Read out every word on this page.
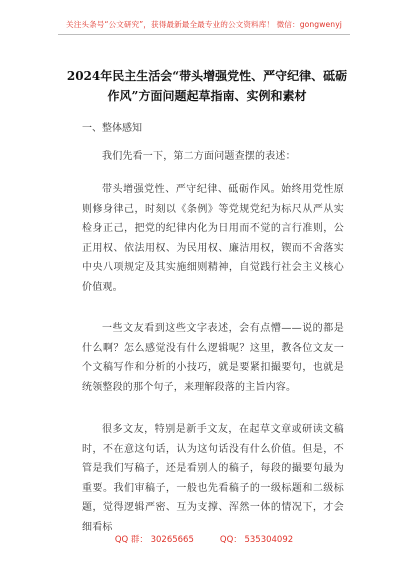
关注头条号“公文研究”，获得最新最全最专业的公文资料库！ 微信：gongwenyj
2024年民主生活会“带头增强党性、严守纪律、砥砺作风”方面问题起草指南、实例和素材
一、整体感知
我们先看一下，第二方面问题查摆的表述：
带头增强党性、严守纪律、砥砺作风。始终用党性原则修身律己，时刻以《条例》等党规党纪为标尺从严从实检身正己，把党的纪律内化为日用而不觉的言行准则，公正用权、依法用权、为民用权、廉洁用权，锲而不舍落实中央八项规定及其实施细则精神，自觉践行社会主义核心价值观。
一些文友看到这些文字表述，会有点懵——说的都是什么啊？怎么感觉没有什么逻辑呢？这里，教各位文友一个文稿写作和分析的小技巧，就是要紧扣撮要句，也就是统领整段的那个句子，来理解段落的主旨内容。
很多文友，特别是新手文友，在起草文章或研读文稿时，不在意这句话，认为这句话没有什么价值。但是，不管是我们写稿子，还是看别人的稿子，每段的撮要句最为重要。我们审稿子，一般也先看稿子的一级标题和二级标题，觉得逻辑严密、互为支撑、浑然一体的情况下，才会细看标
QQ 群： 30265665	QQ： 535304092
